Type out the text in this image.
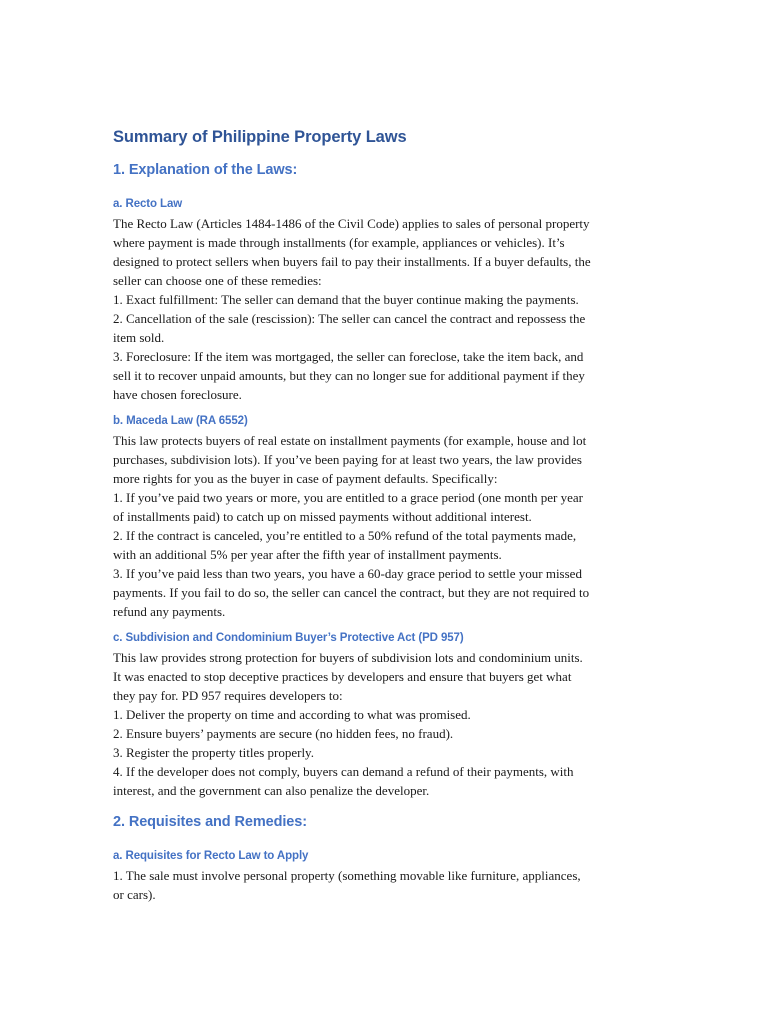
Summary of Philippine Property Laws
1. Explanation of the Laws:
a. Recto Law

The Recto Law (Articles 1484-1486 of the Civil Code) applies to sales of personal property
where payment is made through installments (for example, appliances or vehicles). It’s
designed to protect sellers when buyers fail to pay their installments. If a buyer defaults, the
seller can choose one of these remedies:
1. Exact fulfillment: The seller can demand that the buyer continue making the payments.
2. Cancellation of the sale (rescission): The seller can cancel the contract and repossess the
item sold.
3. Foreclosure: If the item was mortgaged, the seller can foreclose, take the item back, and
sell it to recover unpaid amounts, but they can no longer sue for additional payment if they
have chosen foreclosure.

b. Maceda Law (RA 6552)

This law protects buyers of real estate on installment payments (for example, house and lot
purchases, subdivision lots). If you’ve been paying for at least two years, the law provides
more rights for you as the buyer in case of payment defaults. Specifically:
1. If you’ve paid two years or more, you are entitled to a grace period (one month per year
of installments paid) to catch up on missed payments without additional interest.
2. If the contract is canceled, you’re entitled to a 50% refund of the total payments made,
with an additional 5% per year after the fifth year of installment payments.
3. If you’ve paid less than two years, you have a 60-day grace period to settle your missed
payments. If you fail to do so, the seller can cancel the contract, but they are not required to
refund any payments.

c. Subdivision and Condominium Buyer’s Protective Act (PD 957)

This law provides strong protection for buyers of subdivision lots and condominium units.
It was enacted to stop deceptive practices by developers and ensure that buyers get what
they pay for. PD 957 requires developers to:
1. Deliver the property on time and according to what was promised.
2. Ensure buyers’ payments are secure (no hidden fees, no fraud).
3. Register the property titles properly.
4. If the developer does not comply, buyers can demand a refund of their payments, with
interest, and the government can also penalize the developer.

2. Requisites and Remedies:
a. Requisites for Recto Law to Apply

1. The sale must involve personal property (something movable like furniture, appliances,
or cars).
